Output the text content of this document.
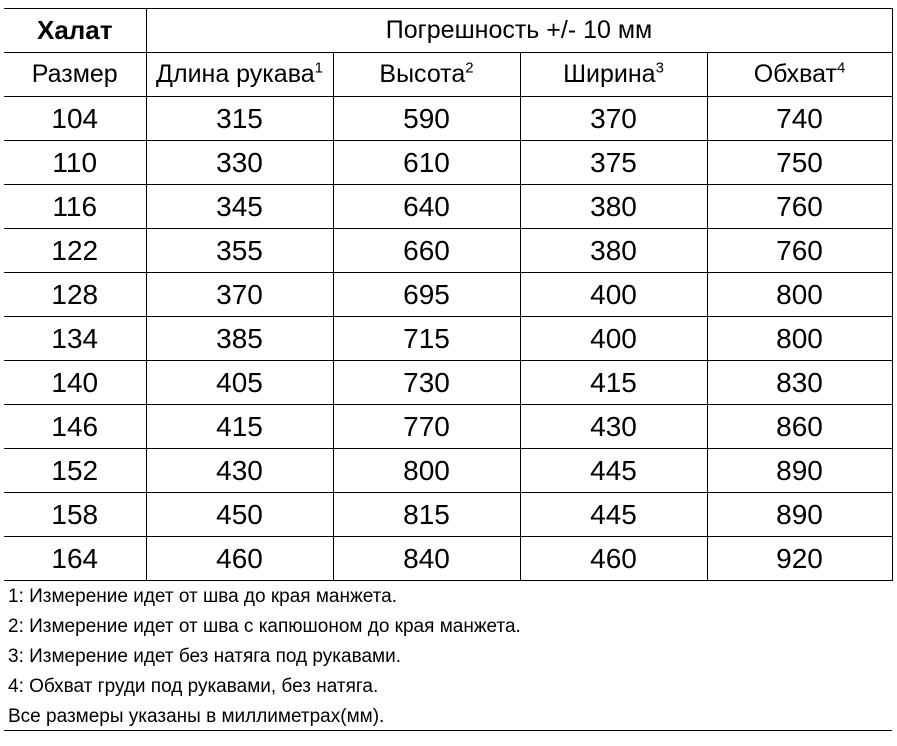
Халат	Погрешность +/- 10 мм			
Размер	Длина рукава$^1$	Высота$^2$	Ширина$^3$	Обхват$^4$
104	315	590	370	740
110	330	610	375	750
116	345	640	380	760
122	355	660	380	760
128	370	695	400	800
134	385	715	400	800
140	405	730	415	830
146	415	770	430	860
152	430	800	445	890
158	450	815	445	890
164	460	840	460	920
1: Измерение идет от шва до края манжета.
2: Измерение идет от шва с капюшоном до края манжета.
3: Измерение идет без натяга под рукавами.
4: Обхват груди под рукавами, без натяга.
Все размеры указаны в миллиметрах(мм).
